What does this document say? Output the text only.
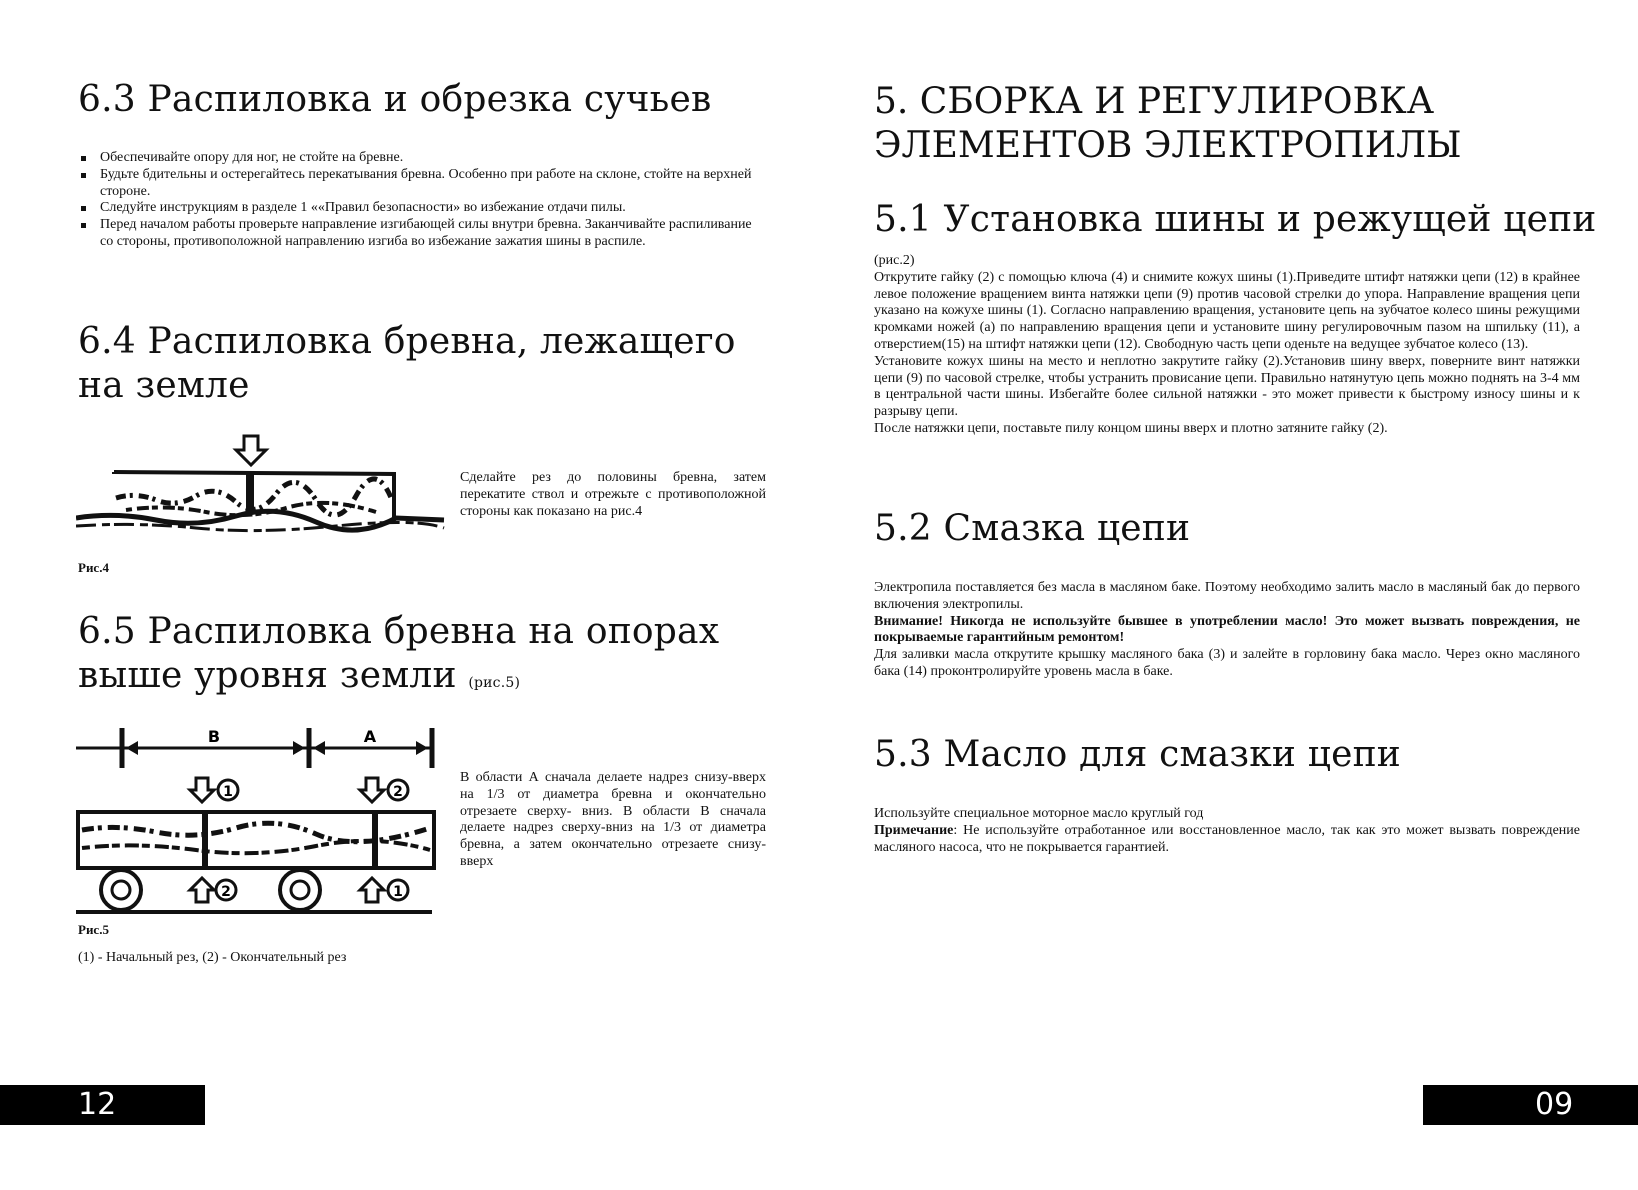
6.3 Распиловка и обрезка сучьев
Обеспечивайте опору для ног, не стойте на бревне.
Будьте бдительны и остерегайтесь перекатывания бревна. Особенно при работе на склоне, стойте на верхней стороне.
Следуйте инструкциям в разделе 1 ««Правил безопасности» во избежание отдачи пилы.
Перед началом работы проверьте направление изгибающей силы внутри бревна. Заканчивайте распиливание со стороны, противоположной направлению изгиба во избежание зажатия шины в распиле.
6.4 Распиловка бревна, лежащего на земле
Сделайте рез до половины бревна, затем перекатите ствол и отрежьте с противоположной стороны как показано на рис.4
Рис.4
6.5 Распиловка бревна на опорах выше уровня земли (рис.5)
B	A
1	2
2	1
В области А сначала делаете надрез снизу-вверх на 1/3 от диаметра бревна и окончательно отрезаете сверху- вниз. В области В сначала делаете надрез сверху-вниз на 1/3 от диаметра бревна, а затем окончательно отрезаете снизу-вверх
Рис.5
(1) - Начальный рез, (2) - Окончательный рез
12
5. СБОРКА И РЕГУЛИРОВКА
ЭЛЕМЕНТОВ ЭЛЕКТРОПИЛЫ
5.1 Установка шины и режущей цепи

(рис.2)

Открутите гайку (2) с помощью ключа (4) и снимите кожух шины (1).Приведите штифт натяжки цепи (12) в крайнее левое положение вращением винта натяжки цепи (9) против часовой стрелки до упора. Направление вращения цепи указано на кожухе шины (1). Согласно направлению вращения, установите цепь на зубчатое колесо шины режущими кромками ножей (а) по направлению вращения цепи и установите шину регулировочным пазом на шпильку (11), а отверстием(15) на штифт натяжки цепи (12). Свободную часть цепи оденьте на ведущее зубчатое колесо (13).

Установите кожух шины на место и неплотно закрутите гайку (2).Установив шину вверх, поверните винт натяжки цепи (9) по часовой стрелке, чтобы устранить провисание цепи. Правильно натянутую цепь можно поднять на 3-4 мм в центральной части шины. Избегайте более сильной натяжки - это может привести к быстрому износу шины и к разрыву цепи.

После натяжки цепи, поставьте пилу концом шины вверх и плотно затяните гайку (2).

5.2 Смазка цепи

Электропила поставляется без масла в масляном баке. Поэтому необходимо залить масло в масляный бак до первого включения электропилы.

Внимание! Никогда не используйте бывшее в употреблении масло! Это может вызвать повреждения, не покрываемые гарантийным ремонтом!

Для заливки масла открутите крышку масляного бака (3) и залейте в горловину бака масло. Через окно масляного бака (14) проконтролируйте уровень масла в баке.

5.3 Масло для смазки цепи

Используйте специальное моторное масло круглый год

Примечание: Не используйте отработанное или восстановленное масло, так как это может вызвать повреждение масляного насоса, что не покрывается гарантией.

09
